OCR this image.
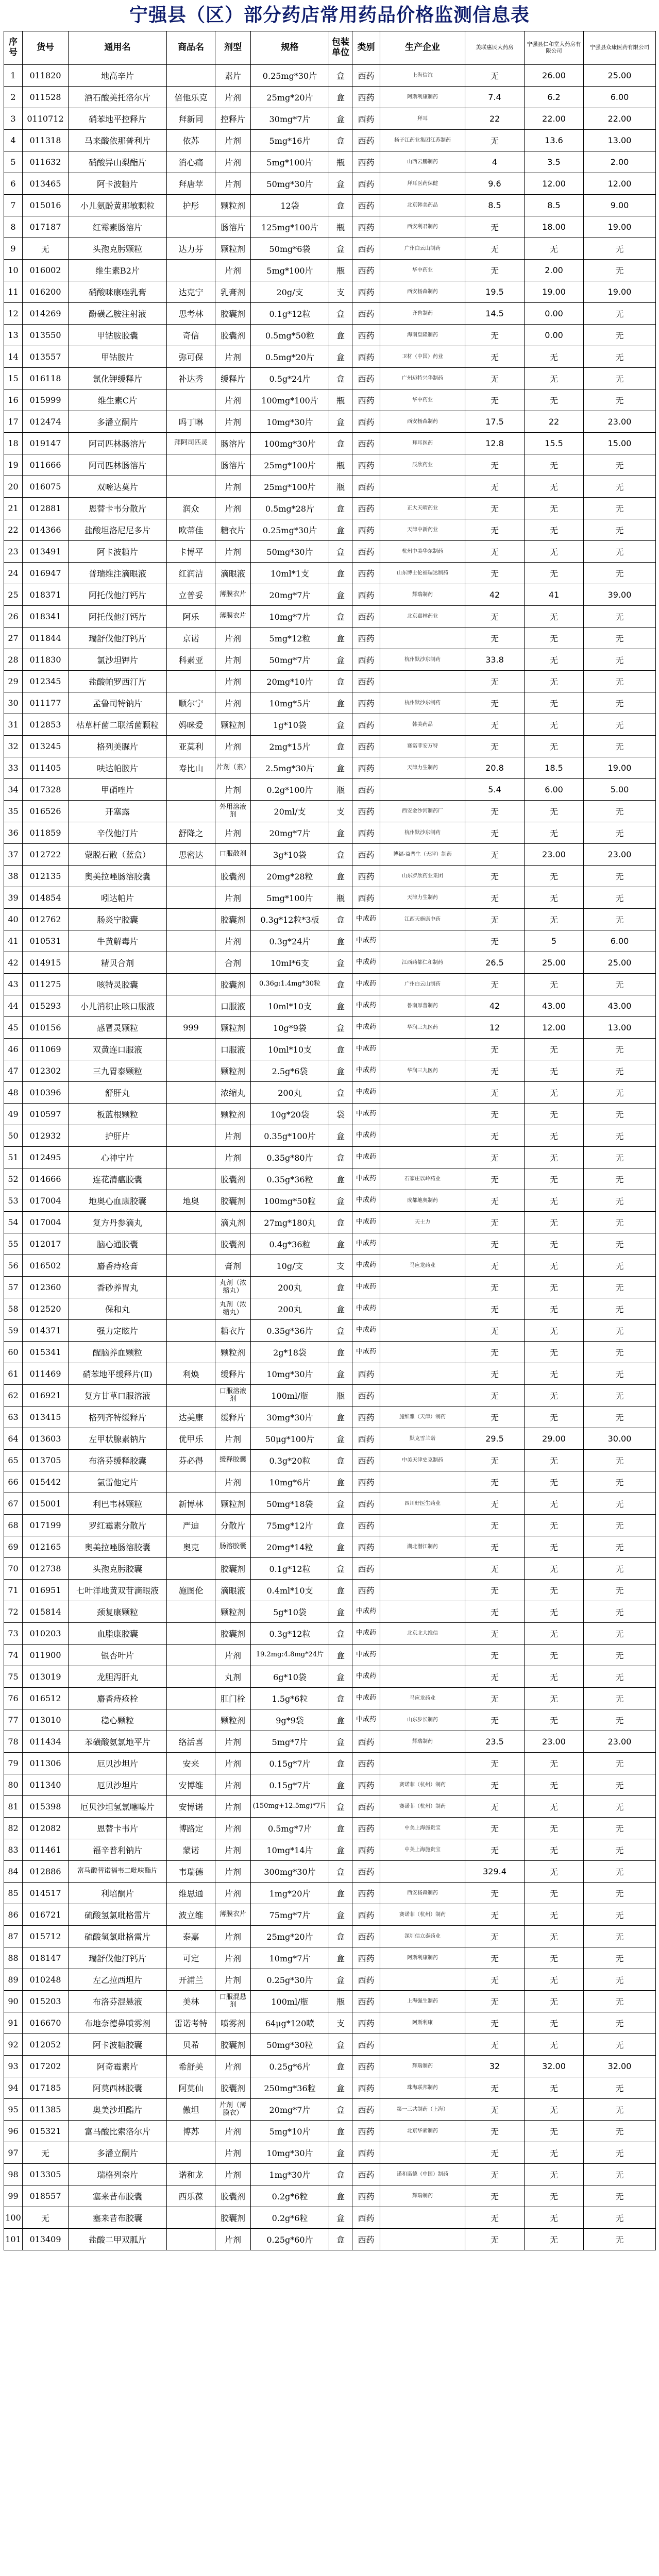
宁强县（区）部分药店常用药品价格监测信息表
序号	货号	通用名	商品名	剂型	规格	包装单位	类别	生产企业	美联惠民大药房	宁强县仁和堂大药房有限公司	宁强县众康医药有限公司
1	011820	地高辛片		素片	0.25mg*30片	盒	西药	上海信谊	无	26.00	25.00
2	011528	酒石酸美托洛尔片	倍他乐克	片剂	25mg*20片	盒	西药	阿斯利康制药	7.4	6.2	6.00
3	0110712	硝苯地平控释片	拜新同	控释片	30mg*7片	盒	西药	拜耳	22	22.00	22.00
4	011318	马来酸依那普利片	依苏	片剂	5mg*16片	盒	西药	扬子江药业集团江苏制药	无	13.6	13.00
5	011632	硝酸异山梨酯片	消心痛	片剂	5mg*100片	瓶	西药	山西云鹏制药	4	3.5	2.00
6	013465	阿卡波糖片	拜唐苹	片剂	50mg*30片	盒	西药	拜耳医药保健	9.6	12.00	12.00
7	015016	小儿氨酚黄那敏颗粒	护彤	颗粒剂	12袋	盒	西药	北京韩美药品	8.5	8.5	9.00
8	017187	红霉素肠溶片		肠溶片	125mg*100片	瓶	西药	西安利君制药	无	18.00	19.00
9	无	头孢克肟颗粒	达力芬	颗粒剂	50mg*6袋	盒	西药	广州白云山制药	无	无	无
10	016002	维生素B2片		片剂	5mg*100片	瓶	西药	华中药业	无	2.00	无
11	016200	硝酸咪康唑乳膏	达克宁	乳膏剂	20g/支	支	西药	西安杨森制药	19.5	19.00	19.00
12	014269	酚磺乙胺注射液	思考林	胶囊剂	0.1g*12粒	盒	西药	齐鲁制药	14.5	0.00	无
13	013550	甲钴胺胶囊	奇信	胶囊剂	0.5mg*50粒	盒	西药	海南皇隆制药	无	0.00	无
14	013557	甲钴胺片	弥可保	片剂	0.5mg*20片	盒	西药	卫材（中国）药业	无	无	无
15	016118	氯化钾缓释片	补达秀	缓释片	0.5g*24片	盒	西药	广州迈特兴华制药	无	无	无
16	015999	维生素C片		片剂	100mg*100片	瓶	西药	华中药业	无	无	无
17	012474	多潘立酮片	吗丁啉	片剂	10mg*30片	盒	西药	西安杨森制药	17.5	22	23.00
18	019147	阿司匹林肠溶片	拜阿司匹灵	肠溶片	100mg*30片	盒	西药	拜耳医药	12.8	15.5	15.00
19	011666	阿司匹林肠溶片		肠溶片	25mg*100片	瓶	西药	辰欣药业	无	无	无
20	016075	双嘧达莫片		片剂	25mg*100片	瓶	西药		无	无	无
21	012881	恩替卡韦分散片	润众	片剂	0.5mg*28片	盒	西药	正大天晴药业	无	无	无
22	014366	盐酸坦洛尼尼多片	欧蒂佳	糖衣片	0.25mg*30片	盒	西药	天津中新药业	无	无	无
23	013491	阿卡波糖片	卡博平	片剂	50mg*30片	盒	西药	杭州中美华东制药	无	无	无
24	016947	普瑞维注滴眼液	红润洁	滴眼液	10ml*1支	盒	西药	山东博士伦福瑞达制药	无	无	无
25	018371	阿托伐他汀钙片	立普妥	薄膜衣片	20mg*7片	盒	西药	辉瑞制药	42	41	39.00
26	018341	阿托伐他汀钙片	阿乐	薄膜衣片	10mg*7片	盒	西药	北京嘉林药业	无	无	无
27	011844	瑞舒伐他汀钙片	京诺	片剂	5mg*12粒	盒	西药		无	无	无
28	011830	氯沙坦钾片	科素亚	片剂	50mg*7片	盒	西药	杭州默沙东制药	33.8	无	无
29	012345	盐酸帕罗西汀片		片剂	20mg*10片	盒	西药		无	无	无
30	011177	孟鲁司特钠片	顺尔宁	片剂	10mg*5片	盒	西药	杭州默沙东制药	无	无	无
31	012853	枯草杆菌二联活菌颗粒	妈咪爱	颗粒剂	1g*10袋	盒	西药	韩美药品	无	无	无
32	013245	格列美脲片	亚莫利	片剂	2mg*15片	盒	西药	赛诺菲安万特	无	无	无
33	011405	呋达帕胺片	寿比山	片剂（素）	2.5mg*30片	盒	西药	天津力生制药	20.8	18.5	19.00
34	017328	甲硝唑片		片剂	0.2g*100片	瓶	西药		5.4	6.00	5.00
35	016526	开塞露		外用溶液剂	20ml/支	支	西药	西安金沙河制药厂	无	无	无
36	011859	辛伐他汀片	舒降之	片剂	20mg*7片	盒	西药	杭州默沙东制药	无	无	无
37	012722	蒙脱石散（蓝盒）	思密达	口服散剂	3g*10袋	盒	西药	博福-益普生（天津）制药	无	23.00	23.00
38	012135	奥美拉唑肠溶胶囊		胶囊剂	20mg*28粒	盒	西药	山东罗欣药业集团	无	无	无
39	014854	吲达帕片		片剂	5mg*100片	瓶	西药	天津力生制药	无	无	无
40	012762	肠炎宁胶囊		胶囊剂	0.3g*12粒*3板	盒	中成药	江西天施康中药	无	无	无
41	010531	牛黄解毒片		片剂	0.3g*24片	盒	中成药		无	5	6.00
42	014915	精贝合剂		合剂	10ml*6支	盒	中成药	江西药都仁和制药	26.5	25.00	25.00
43	011275	咳特灵胶囊		胶囊剂	0.36g:1.4mg*30粒	盒	中成药	广州白云山制药	无	无	无
44	015293	小儿消积止咳口服液		口服液	10ml*10支	盒	中成药	鲁南厚普制药	42	43.00	43.00
45	010156	感冒灵颗粒	999	颗粒剂	10g*9袋	盒	中成药	华润三九医药	12	12.00	13.00
46	011069	双黄连口服液		口服液	10ml*10支	盒	中成药		无	无	无
47	012302	三九胃泰颗粒		颗粒剂	2.5g*6袋	盒	中成药	华润三九医药	无	无	无
48	010396	舒肝丸		浓缩丸	200丸	盒	中成药		无	无	无
49	010597	板蓝根颗粒		颗粒剂	10g*20袋	袋	中成药		无	无	无
50	012932	护肝片		片剂	0.35g*100片	盒	中成药		无	无	无
51	012495	心神宁片		片剂	0.35g*80片	盒	中成药		无	无	无
52	014666	连花清瘟胶囊		胶囊剂	0.35g*36粒	盒	中成药	石家庄以岭药业	无	无	无
53	017004	地奥心血康胶囊	地奥	胶囊剂	100mg*50粒	盒	中成药	成都地奥制药	无	无	无
54	017004	复方丹参滴丸		滴丸剂	27mg*180丸	盒	中成药	天士力	无	无	无
55	012017	脑心通胶囊		胶囊剂	0.4g*36粒	盒	中成药		无	无	无
56	016502	麝香痔疮膏		膏剂	10g/支	支	中成药	马应龙药业	无	无	无
57	012360	香砂养胃丸		丸剂（浓缩丸）	200丸	盒	中成药		无	无	无
58	012520	保和丸		丸剂（浓缩丸）	200丸	盒	中成药		无	无	无
59	014371	强力定眩片		糖衣片	0.35g*36片	盒	中成药		无	无	无
60	015341	醒脑养血颗粒		颗粒剂	2g*18袋	盒	中成药		无	无	无
61	011469	硝苯地平缓释片(Ⅱ)	利焕	缓释片	10mg*30片	盒	西药		无	无	无
62	016921	复方甘草口服溶液		口服溶液剂	100ml/瓶	瓶	西药		无	无	无
63	013415	格列齐特缓释片	达美康	缓释片	30mg*30片	盒	西药	施维雅（天津）制药	无	无	无
64	013603	左甲状腺素钠片	优甲乐	片剂	50μg*100片	盒	西药	默克雪兰诺	29.5	29.00	30.00
65	013705	布洛芬缓释胶囊	芬必得	缓释胶囊	0.3g*20粒	盒	西药	中美天津史克制药	无	无	无
66	015442	氯雷他定片		片剂	10mg*6片	盒	西药		无	无	无
67	015001	利巴韦林颗粒	新博林	颗粒剂	50mg*18袋	盒	西药	四川好医生药业	无	无	无
68	017199	罗红霉素分散片	严迪	分散片	75mg*12片	盒	西药		无	无	无
69	012165	奥美拉唑肠溶胶囊	奥克	肠溶胶囊	20mg*14粒	盒	西药	湖北潜江制药	无	无	无
70	012738	头孢克肟胶囊		胶囊剂	0.1g*12粒	盒	西药		无	无	无
71	016951	七叶洋地黄双苷滴眼液	施图伦	滴眼液	0.4ml*10支	盒	西药		无	无	无
72	015814	颈复康颗粒		颗粒剂	5g*10袋	盒	中成药		无	无	无
73	010203	血脂康胶囊		胶囊剂	0.3g*12粒	盒	中成药	北京北大维信	无	无	无
74	011900	银杏叶片		片剂	19.2mg:4.8mg*24片	盒	中成药		无	无	无
75	013019	龙胆泻肝丸		丸剂	6g*10袋	盒	中成药		无	无	无
76	016512	麝香痔疮栓		肛门栓	1.5g*6粒	盒	中成药	马应龙药业	无	无	无
77	013010	稳心颗粒		颗粒剂	9g*9袋	盒	中成药	山东步长制药	无	无	无
78	011434	苯磺酸氨氯地平片	络活喜	片剂	5mg*7片	盒	西药	辉瑞制药	23.5	23.00	23.00
79	011306	厄贝沙坦片	安来	片剂	0.15g*7片	盒	西药		无	无	无
80	011340	厄贝沙坦片	安博维	片剂	0.15g*7片	盒	西药	赛诺菲（杭州）制药	无	无	无
81	015398	厄贝沙坦氢氯噻嗪片	安博诺	片剂	(150mg+12.5mg)*7片	盒	西药	赛诺菲（杭州）制药	无	无	无
82	012082	恩替卡韦片	博路定	片剂	0.5mg*7片	盒	西药	中美上海施贵宝	无	无	无
83	011461	福辛普利钠片	蒙诺	片剂	10mg*14片	盒	西药	中美上海施贵宝	无	无	无
84	012886	富马酸替诺福韦二吡呋酯片	韦瑞德	片剂	300mg*30片	盒	西药		329.4	无	无
85	014517	利培酮片	维思通	片剂	1mg*20片	盒	西药	西安杨森制药	无	无	无
86	016721	硫酸氢氯吡格雷片	波立维	薄膜衣片	75mg*7片	盒	西药	赛诺菲（杭州）制药	无	无	无
87	015712	硫酸氢氯吡格雷片	泰嘉	片剂	25mg*20片	盒	西药	深圳信立泰药业	无	无	无
88	018147	瑞舒伐他汀钙片	可定	片剂	10mg*7片	盒	西药	阿斯利康制药	无	无	无
89	010248	左乙拉西坦片	开浦兰	片剂	0.25g*30片	盒	西药		无	无	无
90	015203	布洛芬混悬液	美林	口服混悬剂	100ml/瓶	瓶	西药	上海强生制药	无	无	无
91	016670	布地奈德鼻喷雾剂	雷诺考特	喷雾剂	64μg*120喷	支	西药	阿斯利康	无	无	无
92	012052	阿卡波糖胶囊	贝希	胶囊剂	50mg*30粒	盒	西药		无	无	无
93	017202	阿奇霉素片	希舒美	片剂	0.25g*6片	盒	西药	辉瑞制药	32	32.00	32.00
94	017185	阿莫西林胶囊	阿莫仙	胶囊剂	250mg*36粒	盒	西药	珠海联邦制药	无	无	无
95	011385	奥美沙坦酯片	傲坦	片剂（薄膜衣）	20mg*7片	盒	西药	第一三共制药（上海）	无	无	无
96	015321	富马酸比索洛尔片	博苏	片剂	5mg*10片	盒	西药	北京华素制药	无	无	无
97	无	多潘立酮片		片剂	10mg*30片	盒	西药		无	无	无
98	013305	瑞格列奈片	诺和龙	片剂	1mg*30片	盒	西药	诺和诺德（中国）制药	无	无	无
99	018557	塞来昔布胶囊	西乐葆	胶囊剂	0.2g*6粒	盒	西药	辉瑞制药	无	无	无
100	无	塞来昔布胶囊		胶囊剂	0.2g*6粒	盒	西药		无	无	无
101	013409	盐酸二甲双胍片		片剂	0.25g*60片	盒	西药		无	无	无
